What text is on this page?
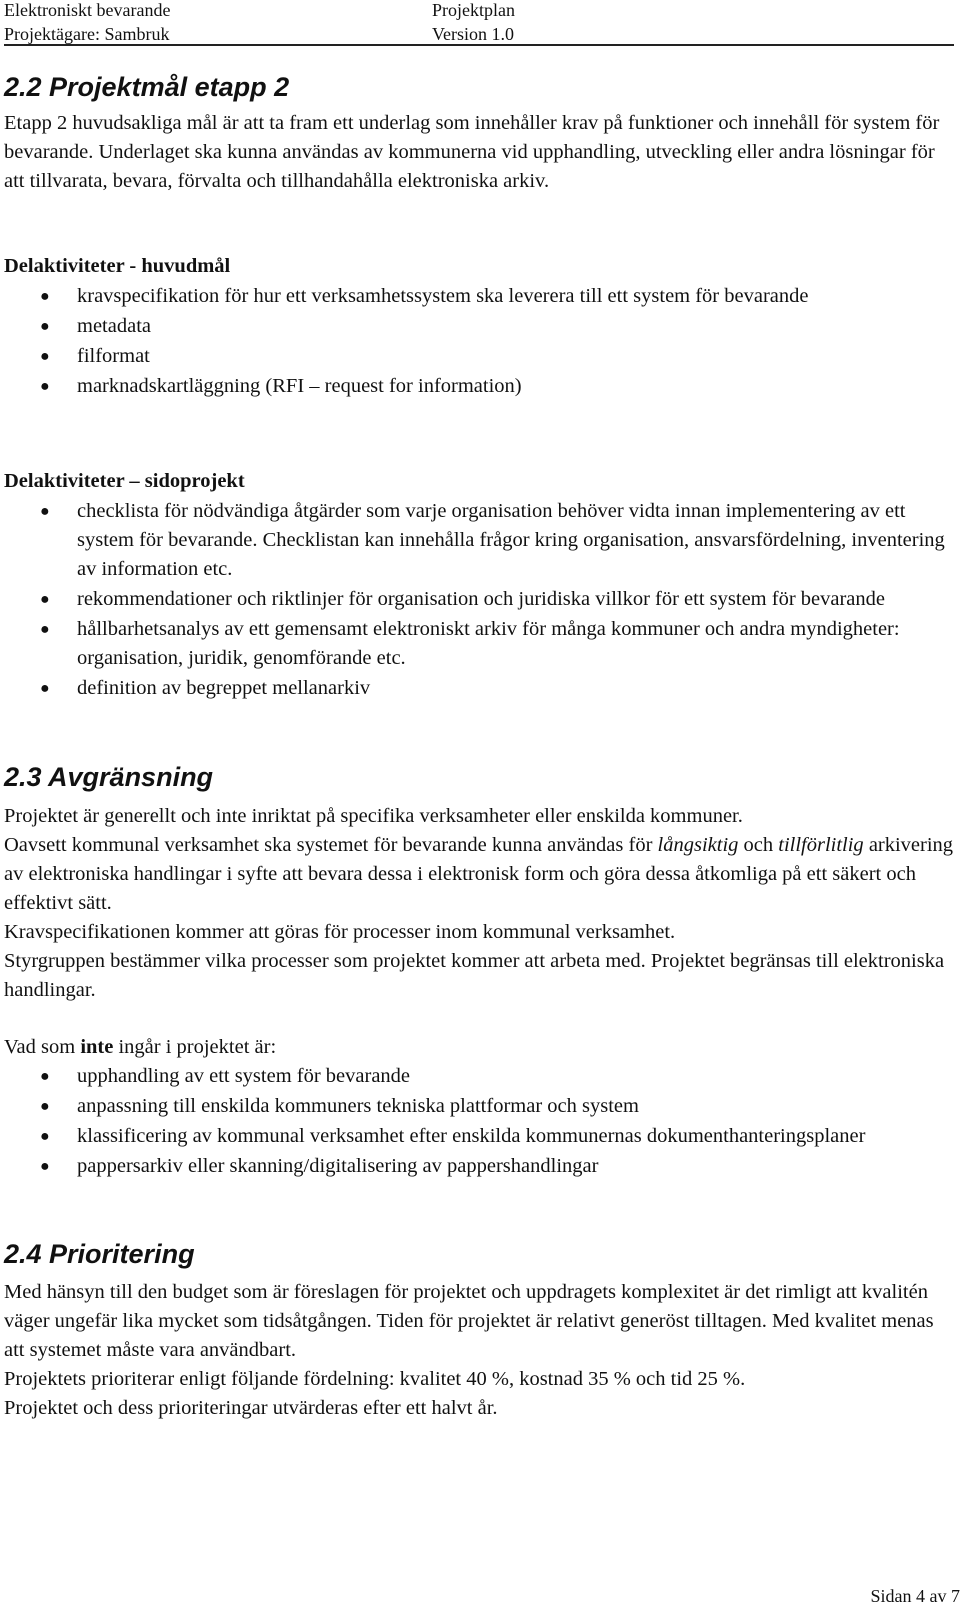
Elektroniskt bevarande
Projektägare: Sambruk
Projektplan
Version 1.0
2.2 Projektmål etapp 2

Etapp 2 huvudsakliga mål är att ta fram ett underlag som innehåller krav på funktioner och innehåll för system för bevarande. Underlaget ska kunna användas av kommunerna vid upphandling, utveckling eller andra lösningar för att tillvarata, bevara, förvalta och tillhandahålla elektroniska arkiv.

Delaktiviteter - huvudmål

● kravspecifikation för hur ett verksamhetssystem ska leverera till ett system för bevarande
● metadata
● filformat
● marknadskartläggning (RFI – request for information)

Delaktiviteter – sidoprojekt

● checklista för nödvändiga åtgärder som varje organisation behöver vidta innan implementering av ett system för bevarande. Checklistan kan innehålla frågor kring organisation, ansvarsfördelning, inventering av information etc.
● rekommendationer och riktlinjer för organisation och juridiska villkor för ett system för bevarande
● hållbarhetsanalys av ett gemensamt elektroniskt arkiv för många kommuner och andra myndigheter: organisation, juridik, genomförande etc.
● definition av begreppet mellanarkiv
2.3 Avgränsning

Projektet är generellt och inte inriktat på specifika verksamheter eller enskilda kommuner.

Oavsett kommunal verksamhet ska systemet för bevarande kunna användas för långsiktig och tillförlitlig arkivering av elektroniska handlingar i syfte att bevara dessa i elektronisk form och göra dessa åtkomliga på ett säkert och effektivt sätt.

Kravspecifikationen kommer att göras för processer inom kommunal verksamhet.

Styrgruppen bestämmer vilka processer som projektet kommer att arbeta med. Projektet begränsas till elektroniska handlingar.

Vad som inte ingår i projektet är:

● upphandling av ett system för bevarande
● anpassning till enskilda kommuners tekniska plattformar och system
● klassificering av kommunal verksamhet efter enskilda kommunernas dokumenthanteringsplaner
● pappersarkiv eller skanning/digitalisering av pappershandlingar
2.4 Prioritering

Med hänsyn till den budget som är föreslagen för projektet och uppdragets komplexitet är det rimligt att kvalitén väger ungefär lika mycket som tidsåtgången. Tiden för projektet är relativt generöst tilltagen. Med kvalitet menas att systemet måste vara användbart.

Projektets prioriterar enligt följande fördelning: kvalitet 40 %, kostnad 35 % och tid 25 %.

Projektet och dess prioriteringar utvärderas efter ett halvt år.

Sidan 4 av 7
